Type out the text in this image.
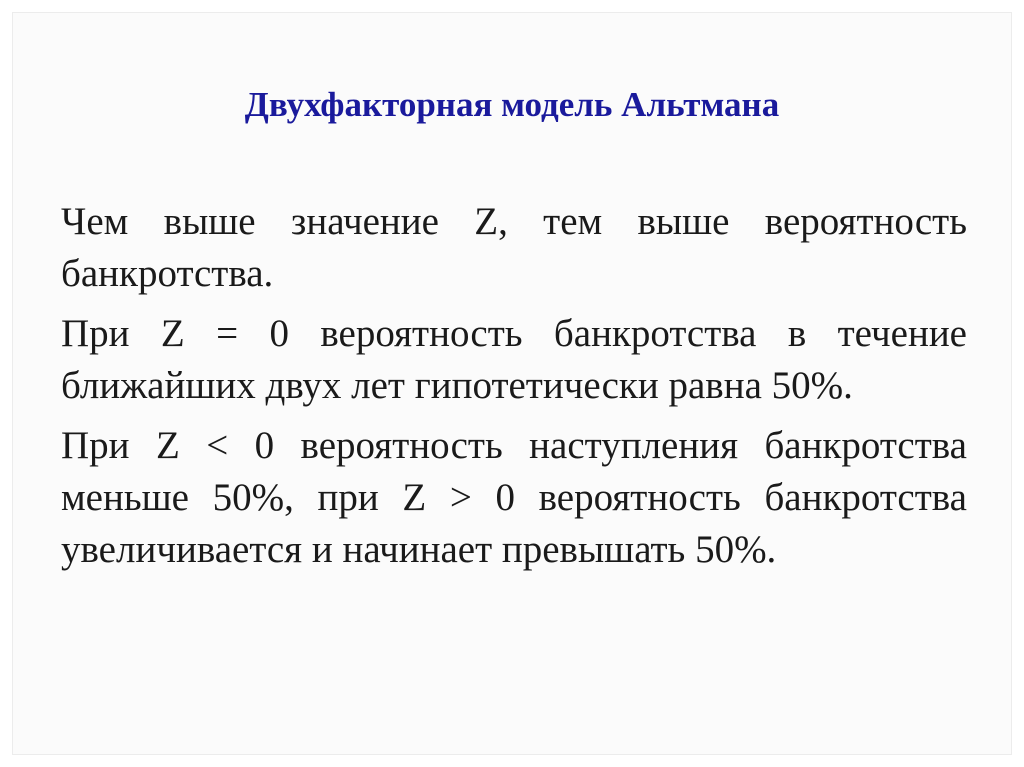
Двухфакторная модель Альтмана

Чем выше значение Z, тем выше вероятность банкротства.

При Z = 0 вероятность банкротства в течение ближайших двух лет гипотетически равна 50%.

При Z < 0 вероятность наступления банкротства меньше 50%, при Z > 0 вероятность банкротства увеличивается и начинает превышать 50%.
